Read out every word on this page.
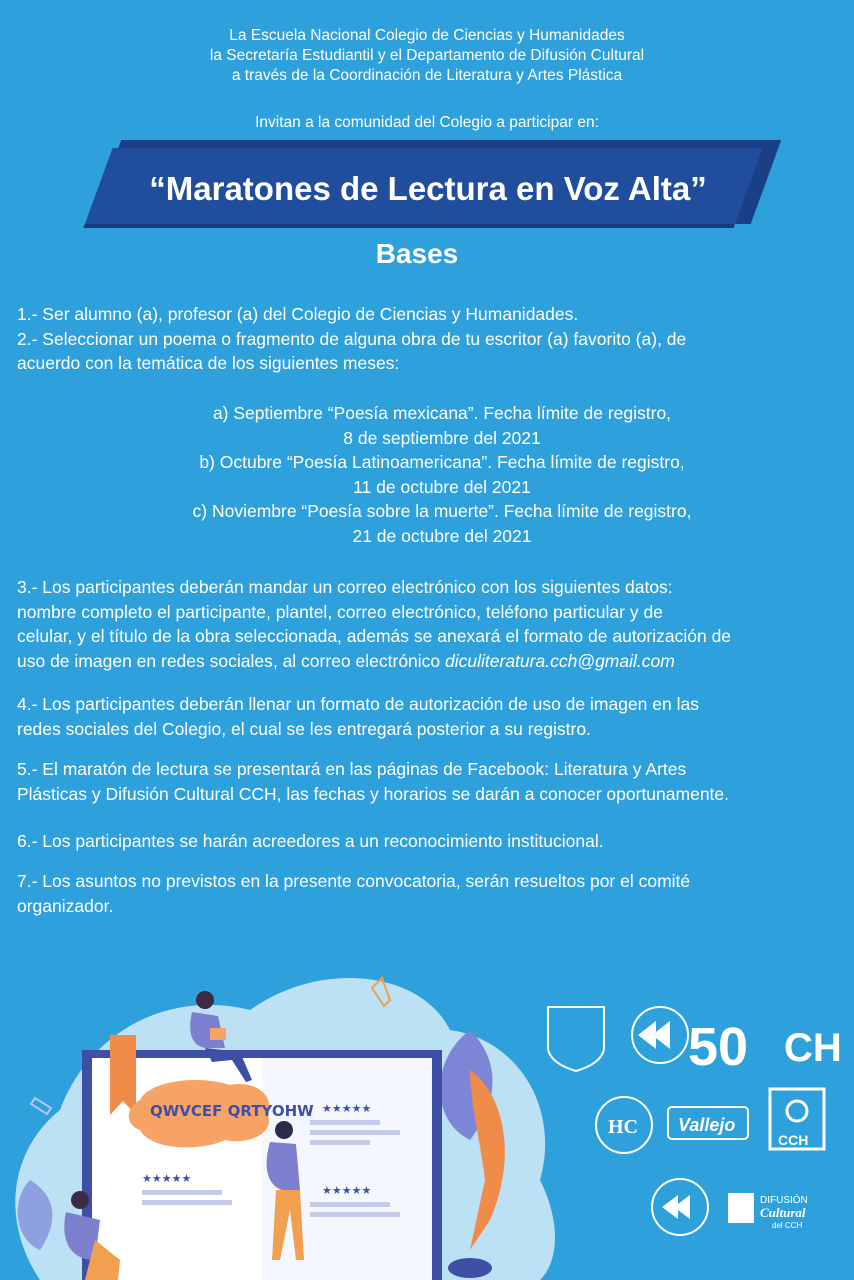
La Escuela Nacional Colegio de Ciencias y Humanidades
la Secretaría Estudiantil y el Departamento de Difusión Cultural
a través de la Coordinación de Literatura y Artes Plástica
Invitan a la comunidad del Colegio a participar en:
“Maratones de Lectura en Voz Alta”
Bases
1.- Ser alumno (a), profesor (a) del Colegio de Ciencias y Humanidades.
2.- Seleccionar un poema o fragmento de alguna obra de tu escritor (a) favorito (a), de
acuerdo con la temática de los siguientes meses:
a) Septiembre “Poesía mexicana”. Fecha límite de registro,
8 de septiembre del 2021
b) Octubre “Poesía Latinoamericana”. Fecha límite de registro,
11 de octubre del 2021
c) Noviembre “Poesía sobre la muerte”. Fecha límite de registro,
21 de octubre del 2021
3.- Los participantes deberán mandar un correo electrónico con los siguientes datos:
nombre completo el participante, plantel, correo electrónico, teléfono particular y de
celular, y el título de la obra seleccionada, además se anexará el formato de autorización de
uso de imagen en redes sociales, al correo electrónico diculiteratura.cch@gmail.com
4.- Los participantes deberán llenar un formato de autorización de uso de imagen en las
redes sociales del Colegio, el cual se les entregará posterior a su registro.
5.- El maratón de lectura se presentará en las páginas de Facebook: Literatura y Artes
Plásticas y Difusión Cultural CCH, las fechas y horarios se darán a conocer oportunamente.
6.- Los participantes se harán acreedores a un reconocimiento institucional.
7.- Los asuntos no previstos en la presente convocatoria, serán resueltos por el comité
organizador.
★★★★★
★★★★★
★★★★★
QWVCEF QRTYOHW
50 CH
HC Vallejo
CCH
DIFUSIÓN
Cultural
del CCH
